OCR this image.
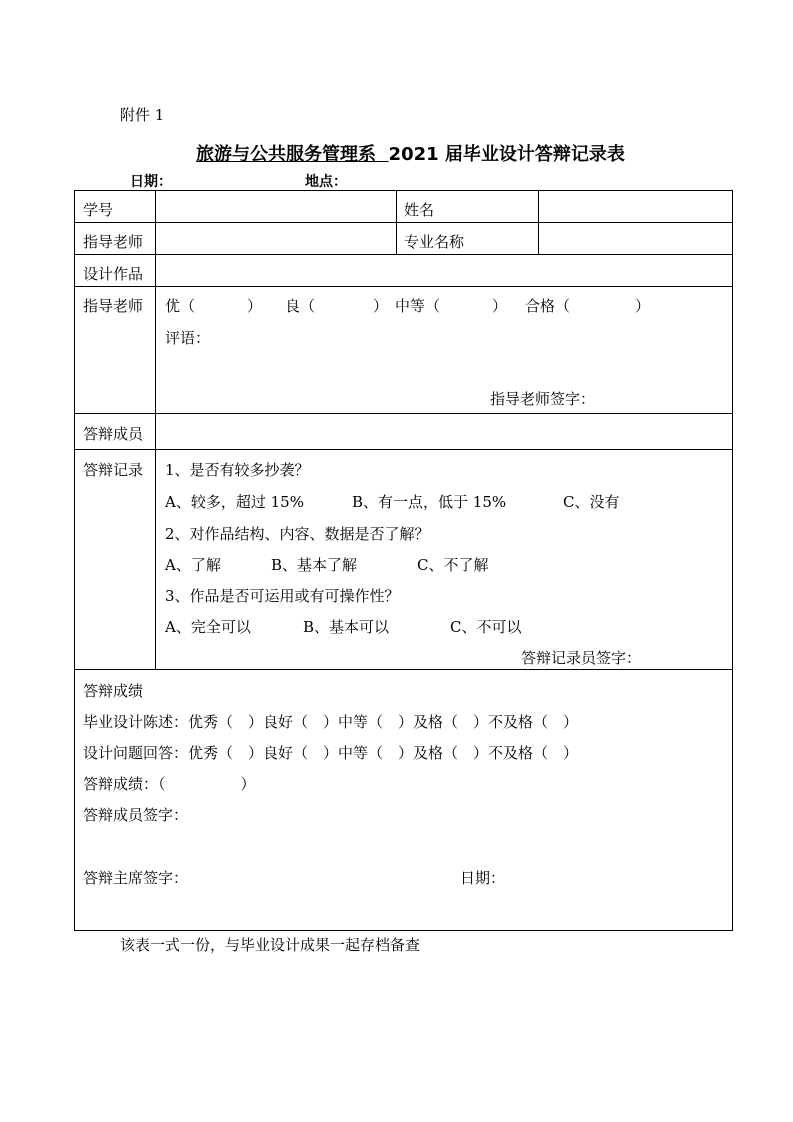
附件 1
旅游与公共服务管理系 2021 届毕业设计答辩记录表
日期：	地点：
学号	姓名
指导老师	专业名称
设计作品
指导老师 优（	） 良（	） 中等（	） 合格（	）
评语：
指导老师签字：
答辩成员
答辩记录 1、是否有较多抄袭？
A、较多，超过 15%	B、有一点，低于 15%	C、没有
2、对作品结构、内容、数据是否了解？
A、了解	B、基本了解	C、不了解
3、作品是否可运用或有可操作性？
A、完全可以	B、基本可以	C、不可以
答辩记录员签字：
答辩成绩
毕业设计陈述：优秀（　）良好（　）中等（　）及格（　）不及格（　）
设计问题回答：优秀（　）良好（　）中等（　）及格（　）不及格（　）
答辩成绩：（　　　　　）
答辩成员签字：
答辩主席签字：	日期：
该表一式一份，与毕业设计成果一起存档备查
